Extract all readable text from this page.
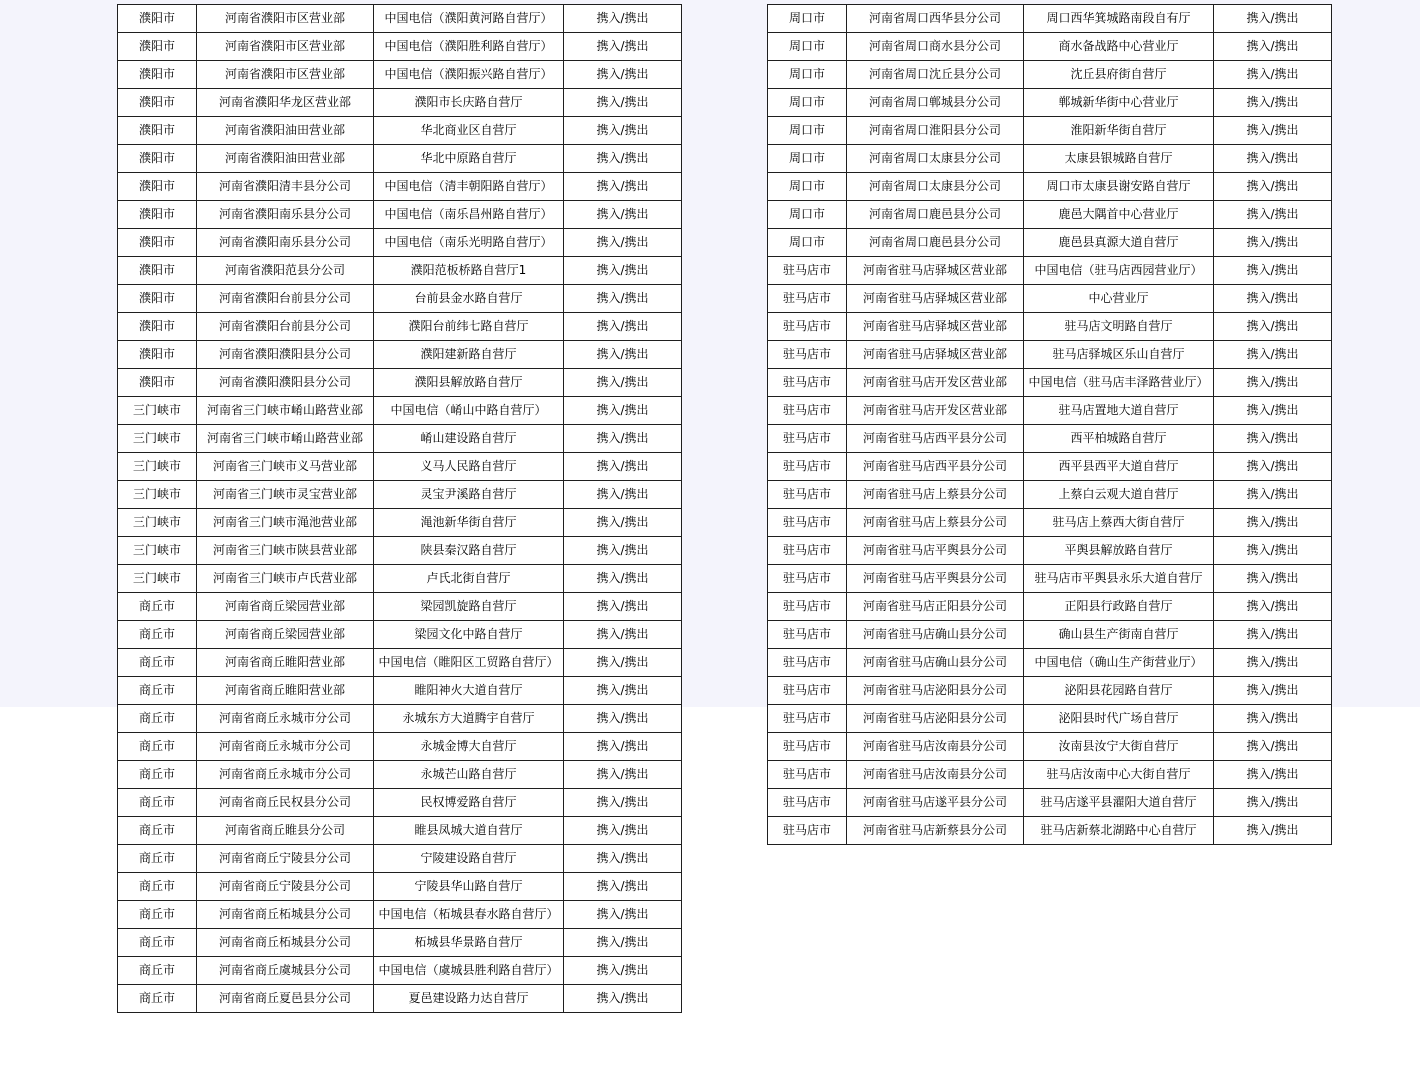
濮阳市	河南省濮阳市区营业部	中国电信（濮阳黄河路自营厅）	携入/携出
濮阳市	河南省濮阳市区营业部	中国电信（濮阳胜利路自营厅）	携入/携出
濮阳市	河南省濮阳市区营业部	中国电信（濮阳振兴路自营厅）	携入/携出
濮阳市	河南省濮阳华龙区营业部	濮阳市长庆路自营厅	携入/携出
濮阳市	河南省濮阳油田营业部	华北商业区自营厅	携入/携出
濮阳市	河南省濮阳油田营业部	华北中原路自营厅	携入/携出
濮阳市	河南省濮阳清丰县分公司	中国电信（清丰朝阳路自营厅）	携入/携出
濮阳市	河南省濮阳南乐县分公司	中国电信（南乐昌州路自营厅）	携入/携出
濮阳市	河南省濮阳南乐县分公司	中国电信（南乐光明路自营厅）	携入/携出
濮阳市	河南省濮阳范县分公司	濮阳范板桥路自营厅1	携入/携出
濮阳市	河南省濮阳台前县分公司	台前县金水路自营厅	携入/携出
濮阳市	河南省濮阳台前县分公司	濮阳台前纬七路自营厅	携入/携出
濮阳市	河南省濮阳濮阳县分公司	濮阳建新路自营厅	携入/携出
濮阳市	河南省濮阳濮阳县分公司	濮阳县解放路自营厅	携入/携出
三门峡市	河南省三门峡市崤山路营业部	中国电信（崤山中路自营厅）	携入/携出
三门峡市	河南省三门峡市崤山路营业部	崤山建设路自营厅	携入/携出
三门峡市	河南省三门峡市义马营业部	义马人民路自营厅	携入/携出
三门峡市	河南省三门峡市灵宝营业部	灵宝尹溪路自营厅	携入/携出
三门峡市	河南省三门峡市渑池营业部	渑池新华街自营厅	携入/携出
三门峡市	河南省三门峡市陕县营业部	陕县秦汉路自营厅	携入/携出
三门峡市	河南省三门峡市卢氏营业部	卢氏北街自营厅	携入/携出
商丘市	河南省商丘梁园营业部	梁园凯旋路自营厅	携入/携出
商丘市	河南省商丘梁园营业部	梁园文化中路自营厅	携入/携出
商丘市	河南省商丘睢阳营业部	中国电信（睢阳区工贸路自营厅）	携入/携出
商丘市	河南省商丘睢阳营业部	睢阳神火大道自营厅	携入/携出
商丘市	河南省商丘永城市分公司	永城东方大道腾宇自营厅	携入/携出
商丘市	河南省商丘永城市分公司	永城金博大自营厅	携入/携出
商丘市	河南省商丘永城市分公司	永城芒山路自营厅	携入/携出
商丘市	河南省商丘民权县分公司	民权博爱路自营厅	携入/携出
商丘市	河南省商丘睢县分公司	睢县凤城大道自营厅	携入/携出
商丘市	河南省商丘宁陵县分公司	宁陵建设路自营厅	携入/携出
商丘市	河南省商丘宁陵县分公司	宁陵县华山路自营厅	携入/携出
商丘市	河南省商丘柘城县分公司	中国电信（柘城县春水路自营厅）	携入/携出
商丘市	河南省商丘柘城县分公司	柘城县华景路自营厅	携入/携出
商丘市	河南省商丘虞城县分公司	中国电信（虞城县胜利路自营厅）	携入/携出
商丘市	河南省商丘夏邑县分公司	夏邑建设路力达自营厅	携入/携出
周口市	河南省周口西华县分公司	周口西华箕城路南段自有厅	携入/携出
周口市	河南省周口商水县分公司	商水备战路中心营业厅	携入/携出
周口市	河南省周口沈丘县分公司	沈丘县府街自营厅	携入/携出
周口市	河南省周口郸城县分公司	郸城新华街中心营业厅	携入/携出
周口市	河南省周口淮阳县分公司	淮阳新华街自营厅	携入/携出
周口市	河南省周口太康县分公司	太康县银城路自营厅	携入/携出
周口市	河南省周口太康县分公司	周口市太康县谢安路自营厅	携入/携出
周口市	河南省周口鹿邑县分公司	鹿邑大隅首中心营业厅	携入/携出
周口市	河南省周口鹿邑县分公司	鹿邑县真源大道自营厅	携入/携出
驻马店市	河南省驻马店驿城区营业部	中国电信（驻马店西园营业厅）	携入/携出
驻马店市	河南省驻马店驿城区营业部	中心营业厅	携入/携出
驻马店市	河南省驻马店驿城区营业部	驻马店文明路自营厅	携入/携出
驻马店市	河南省驻马店驿城区营业部	驻马店驿城区乐山自营厅	携入/携出
驻马店市	河南省驻马店开发区营业部	中国电信（驻马店丰泽路营业厅）	携入/携出
驻马店市	河南省驻马店开发区营业部	驻马店置地大道自营厅	携入/携出
驻马店市	河南省驻马店西平县分公司	西平柏城路自营厅	携入/携出
驻马店市	河南省驻马店西平县分公司	西平县西平大道自营厅	携入/携出
驻马店市	河南省驻马店上蔡县分公司	上蔡白云观大道自营厅	携入/携出
驻马店市	河南省驻马店上蔡县分公司	驻马店上蔡西大街自营厅	携入/携出
驻马店市	河南省驻马店平舆县分公司	平舆县解放路自营厅	携入/携出
驻马店市	河南省驻马店平舆县分公司	驻马店市平舆县永乐大道自营厅	携入/携出
驻马店市	河南省驻马店正阳县分公司	正阳县行政路自营厅	携入/携出
驻马店市	河南省驻马店确山县分公司	确山县生产街南自营厅	携入/携出
驻马店市	河南省驻马店确山县分公司	中国电信（确山生产街营业厅）	携入/携出
驻马店市	河南省驻马店泌阳县分公司	泌阳县花园路自营厅	携入/携出
驻马店市	河南省驻马店泌阳县分公司	泌阳县时代广场自营厅	携入/携出
驻马店市	河南省驻马店汝南县分公司	汝南县汝宁大街自营厅	携入/携出
驻马店市	河南省驻马店汝南县分公司	驻马店汝南中心大街自营厅	携入/携出
驻马店市	河南省驻马店遂平县分公司	驻马店遂平县濯阳大道自营厅	携入/携出
驻马店市	河南省驻马店新蔡县分公司	驻马店新蔡北湖路中心自营厅	携入/携出
